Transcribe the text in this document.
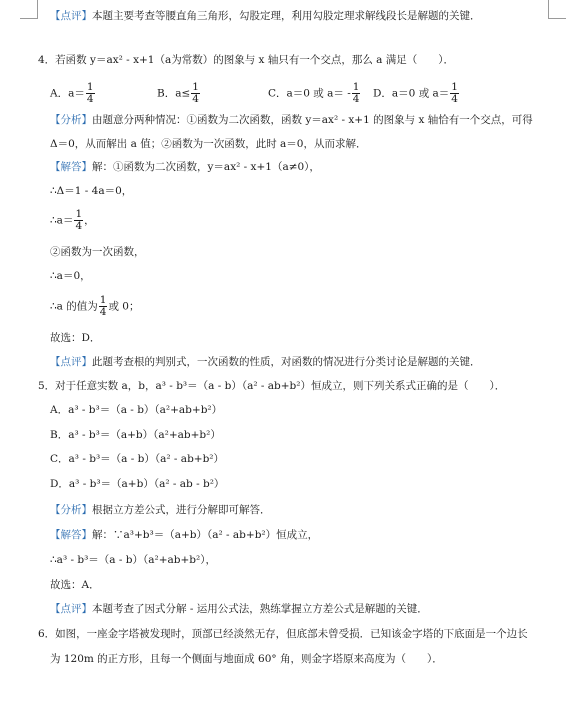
【点评】本题主要考查等腰直角三角形，勾股定理，利用勾股定理求解线段长是解题的关键．
4．若函数 y＝ax² - x+1（a为常数）的图象与 x 轴只有一个交点，那么 a 满足（　　）．
A．$a= \frac{1}{4}$	B．$a\le \frac{1}{4}$	C．a＝0 或 $a= - \frac{1}{4}$ D．a＝0 或 $a= \frac{1}{4}$
【分析】由题意分两种情况：①函数为二次函数，函数 y＝ax² - x+1 的图象与 x 轴恰有一个交点，可得
Δ＝0，从而解出 a 值；②函数为一次函数，此时 a＝0，从而求解．
【解答】解：①函数为二次函数，y＝ax² - x+1（a≠0），
∴Δ＝1 - 4a＝0，
∴a＝ $\frac{1}{4}$ ，
②函数为一次函数，
∴a＝0，
∴a 的值为 $\frac{1}{4}$ 或 0；
故选：D．
【点评】此题考查根的判别式，一次函数的性质，对函数的情况进行分类讨论是解题的关键．
5．对于任意实数 a，b，a³ - b³＝（a - b）（a² - ab+b²）恒成立，则下列关系式正确的是（　　）．
A．a³ - b³＝（a - b）（a²+ab+b²）
B．a³ - b³＝（a+b）（a²+ab+b²）
C．a³ - b³＝（a - b）（a² - ab+b²）
D．a³ - b³＝（a+b）（a² - ab - b²）
【分析】根据立方差公式，进行分解即可解答．
【解答】解：∵a³+b³＝（a+b）（a² - ab+b²）恒成立，
∴a³ - b³＝（a - b）（a²+ab+b²），
故选：A．
【点评】本题考查了因式分解 - 运用公式法，熟练掌握立方差公式是解题的关键．
6．如图，一座金字塔被发现时，顶部已经淡然无存，但底部未曾受损．已知该金字塔的下底面是一个边长
为 120m 的正方形，且每一个侧面与地面成 60° 角，则金字塔原来高度为（　　）．
